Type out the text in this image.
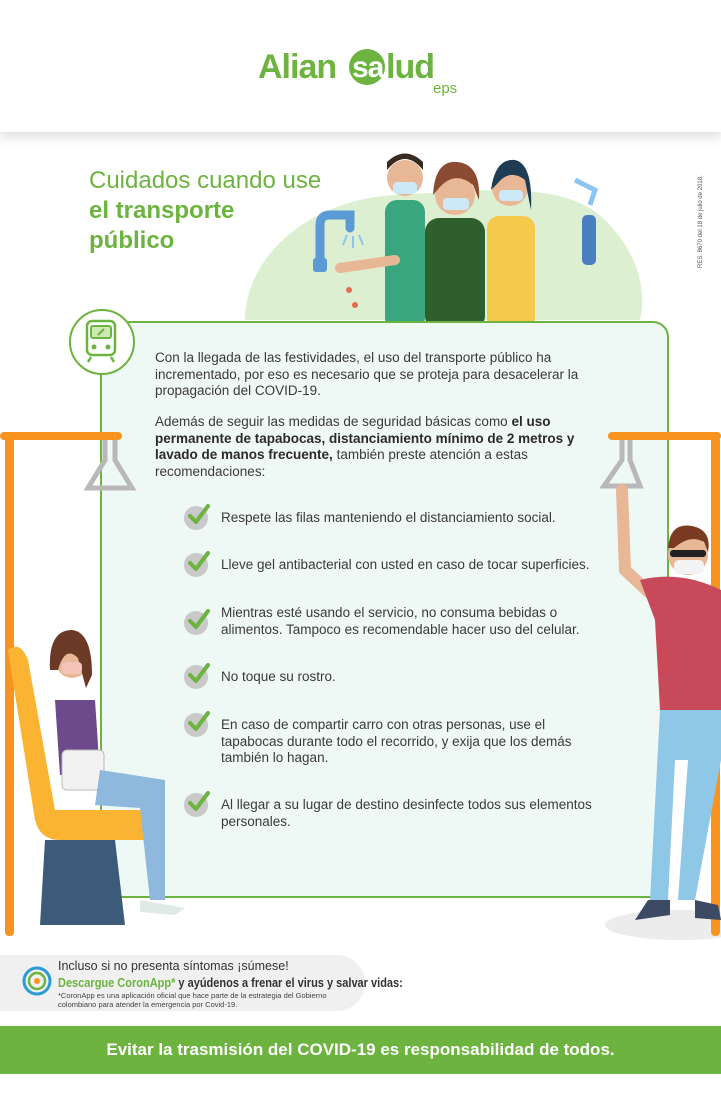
Alian sa lud
eps
RES. 8670 del 18 de julio de 2018.
Cuidados cuando use
el transporte público
Con la llegada de las festividades, el uso del transporte público ha incrementado, por eso es necesario que se proteja para desacelerar la propagación del COVID-19.
Además de seguir las medidas de seguridad básicas como el uso permanente de tapabocas, distanciamiento mínimo de 2 metros y lavado de manos frecuente, también preste atención a estas recomendaciones:
Respete las filas manteniendo el distanciamiento social.
Lleve gel antibacterial con usted en caso de tocar superficies.
Mientras esté usando el servicio, no consuma bebidas o alimentos. Tampoco es recomendable hacer uso del celular.
No toque su rostro.
En caso de compartir carro con otras personas, use el tapabocas durante todo el recorrido, y exija que los demás también lo hagan.
Al llegar a su lugar de destino desinfecte todos sus elementos personales.
Incluso si no presenta síntomas ¡súmese!
Descargue CoronApp* y ayúdenos a frenar el virus y salvar vidas:
*CoronApp es una aplicación oficial que hace parte de la estrategia del Gobierno colombiano para atender la emergencia por Covid-19.
Evitar la trasmisión del COVID-19 es responsabilidad de todos.
